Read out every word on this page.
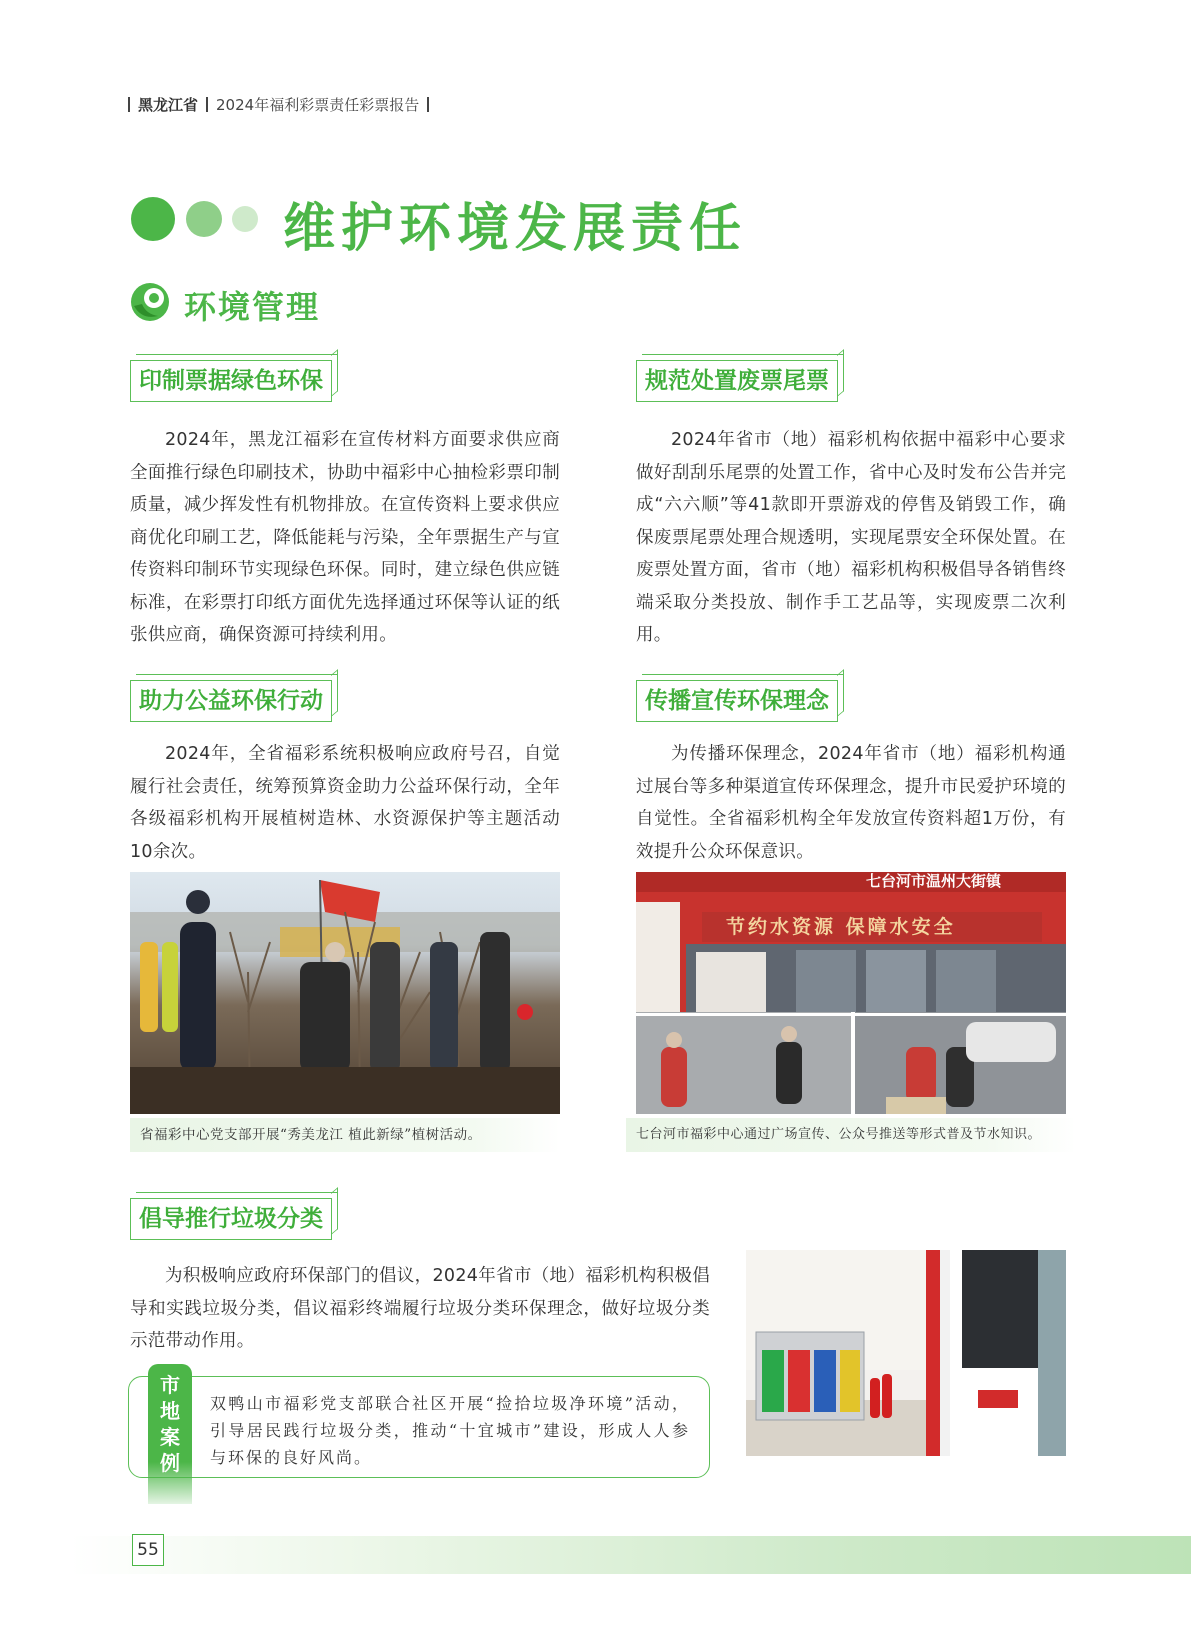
黑龙江省 2024年福利彩票责任彩票报告
维护环境发展责任
环境管理
印制票据绿色环保
2024年，黑龙江福彩在宣传材料方面要求供应商全面推行绿色印刷技术，协助中福彩中心抽检彩票印制质量，减少挥发性有机物排放。在宣传资料上要求供应商优化印刷工艺，降低能耗与污染，全年票据生产与宣传资料印制环节实现绿色环保。同时，建立绿色供应链标准，在彩票打印纸方面优先选择通过环保等认证的纸张供应商，确保资源可持续利用。
规范处置废票尾票
2024年省市（地）福彩机构依据中福彩中心要求做好刮刮乐尾票的处置工作，省中心及时发布公告并完成“六六顺”等41款即开票游戏的停售及销毁工作，确保废票尾票处理合规透明，实现尾票安全环保处置。在废票处置方面，省市（地）福彩机构积极倡导各销售终端采取分类投放、制作手工艺品等，实现废票二次利用。
助力公益环保行动
2024年，全省福彩系统积极响应政府号召，自觉履行社会责任，统筹预算资金助力公益环保行动，全年各级福彩机构开展植树造林、水资源保护等主题活动10余次。
传播宣传环保理念
为传播环保理念，2024年省市（地）福彩机构通过展台等多种渠道宣传环保理念，提升市民爱护环境的自觉性。全省福彩机构全年发放宣传资料超1万份，有效提升公众环保意识。
省福彩中心党支部开展“秀美龙江 植此新绿”植树活动。
七台河市温州大街镇
节约水资源 保障水安全
七台河市福彩中心通过广场宣传、公众号推送等形式普及节水知识。
倡导推行垃圾分类
为积极响应政府环保部门的倡议，2024年省市（地）福彩机构积极倡导和实践垃圾分类，倡议福彩终端履行垃圾分类环保理念，做好垃圾分类示范带动作用。
市
地
案
例
双鸭山市福彩党支部联合社区开展“捡拾垃圾净环境”活动，引导居民践行垃圾分类，推动“十宜城市”建设，形成人人参与环保的良好风尚。
55
